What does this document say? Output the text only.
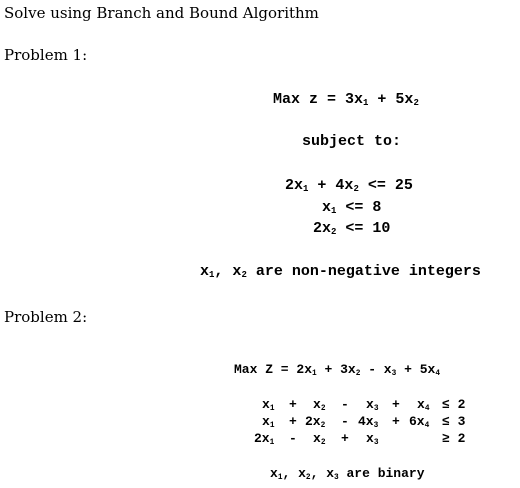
Solve using Branch and Bound Algorithm
Problem 1:
Max $z = 3x_1 + 5x_2$
subject to:
$2x_1 + 4x_2 <= 25$
$x_1 <= 8$
$2x_2 <= 10$
$x_1$, $x_2$ are non-negative integers
Problem 2:
Max $Z = 2x_1 + 3x_2 - x_3 + 5x_4$
$x_1 + x_2 - x_3 + x_4 \le 2$
$x_1 + 2x_2 - 4x_3 + 6x_4 \le 3$
$2x_1 - x_2 + x_3$	≥ 2
$x_1$, $x_2$, $x_3$ are binary
